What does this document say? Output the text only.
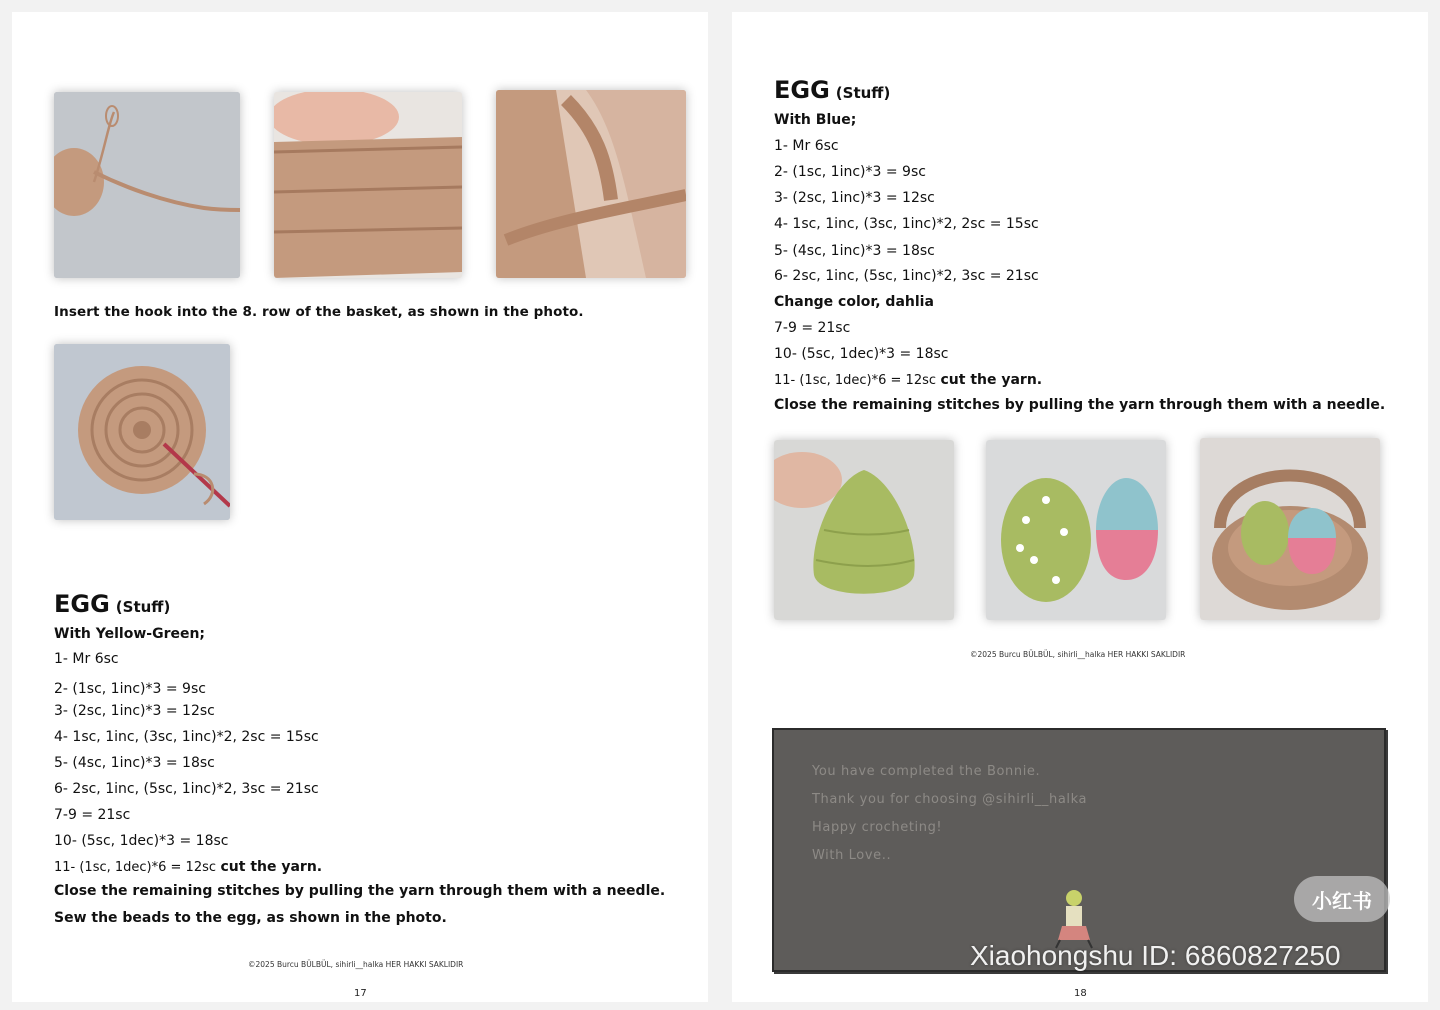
Insert the hook into the 8. row of the basket, as shown in the photo.
EGG (Stuff)
With Yellow-Green;
1- Mr 6sc
2- (1sc, 1inc)*3 = 9sc
3- (2sc, 1inc)*3 = 12sc
4- 1sc, 1inc, (3sc, 1inc)*2, 2sc = 15sc
5- (4sc, 1inc)*3 = 18sc
6- 2sc, 1inc, (5sc, 1inc)*2, 3sc = 21sc
7-9 = 21sc
10- (5sc, 1dec)*3 = 18sc
11- (1sc, 1dec)*6 = 12sc cut the yarn.
Close the remaining stitches by pulling the yarn through them with a needle.
Sew the beads to the egg, as shown in the photo.
©2025 Burcu BÜLBÜL, sihirli__halka HER HAKKI SAKLIDIR
17
EGG (Stuff)
With Blue;
1- Mr 6sc
2- (1sc, 1inc)*3 = 9sc
3- (2sc, 1inc)*3 = 12sc
4- 1sc, 1inc, (3sc, 1inc)*2, 2sc = 15sc
5- (4sc, 1inc)*3 = 18sc
6- 2sc, 1inc, (5sc, 1inc)*2, 3sc = 21sc
Change color, dahlia
7-9 = 21sc
10- (5sc, 1dec)*3 = 18sc
11- (1sc, 1dec)*6 = 12sc cut the yarn.
Close the remaining stitches by pulling the yarn through them with a needle.
©2025 Burcu BÜLBÜL, sihirli__halka HER HAKKI SAKLIDIR
You have completed the Bonnie.
Thank you for choosing @sihirli__halka
Happy crocheting!
With Love..
18
小红书
Xiaohongshu ID: 6860827250
